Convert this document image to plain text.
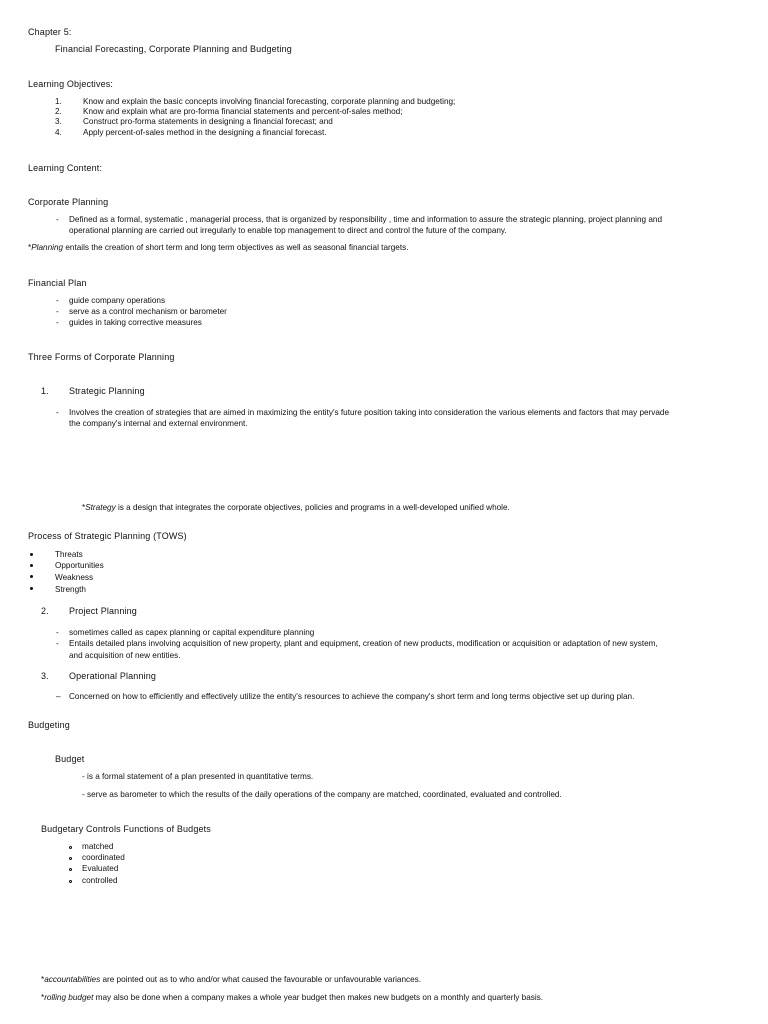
Chapter 5:
Financial Forecasting, Corporate Planning and Budgeting
Learning Objectives:
1.	Know and explain the basic concepts involving financial forecasting, corporate planning and budgeting;
2.	Know and explain what are pro-forma financial statements and percent-of-sales method;
3.	Construct pro-forma statements in designing a financial forecast; and
4.	Apply percent-of-sales method in the designing a financial forecast.
Learning Content:
Corporate Planning
- Defined as a formal, systematic , managerial process, that is organized by responsibility , time and information to assure the strategic planning, project planning and
operational planning are carried out irregularly to enable top management to direct and control the future of the company.
*Planning entails the creation of short term and long term objectives as well as seasonal financial targets.
Financial Plan
- guide company operations
- serve as a control mechanism or barometer
- guides in taking corrective measures
Three Forms of Corporate Planning
1. Strategic Planning
- Involves the creation of strategies that are aimed in maximizing the entity's future position taking into consideration the various elements and factors that may pervade
the company's internal and external environment.
*Strategy is a design that integrates the corporate objectives, policies and programs in a well-developed unified whole.
Process of Strategic Planning (TOWS)
Threats
Opportunities
Weakness
Strength
2. Project Planning
- sometimes called as capex planning or capital expenditure planning
- Entails detailed plans involving acquisition of new property, plant and equipment, creation of new products, modification or acquisition or adaptation of new system,
and acquisition of new entities.
3. Operational Planning
– Concerned on how to efficiently and effectively utilize the entity's resources to achieve the company's short term and long terms objective set up during plan.
Budgeting
Budget
- is a formal statement of a plan presented in quantitative terms.
- serve as barometer to which the results of the daily operations of the company are matched, coordinated, evaluated and controlled.
Budgetary Controls Functions of Budgets
matched
coordinated
Evaluated
controlled
*accountabilities are pointed out as to who and/or what caused the favourable or unfavourable variances.
*rolling budget may also be done when a company makes a whole year budget then makes new budgets on a monthly and quarterly basis.
